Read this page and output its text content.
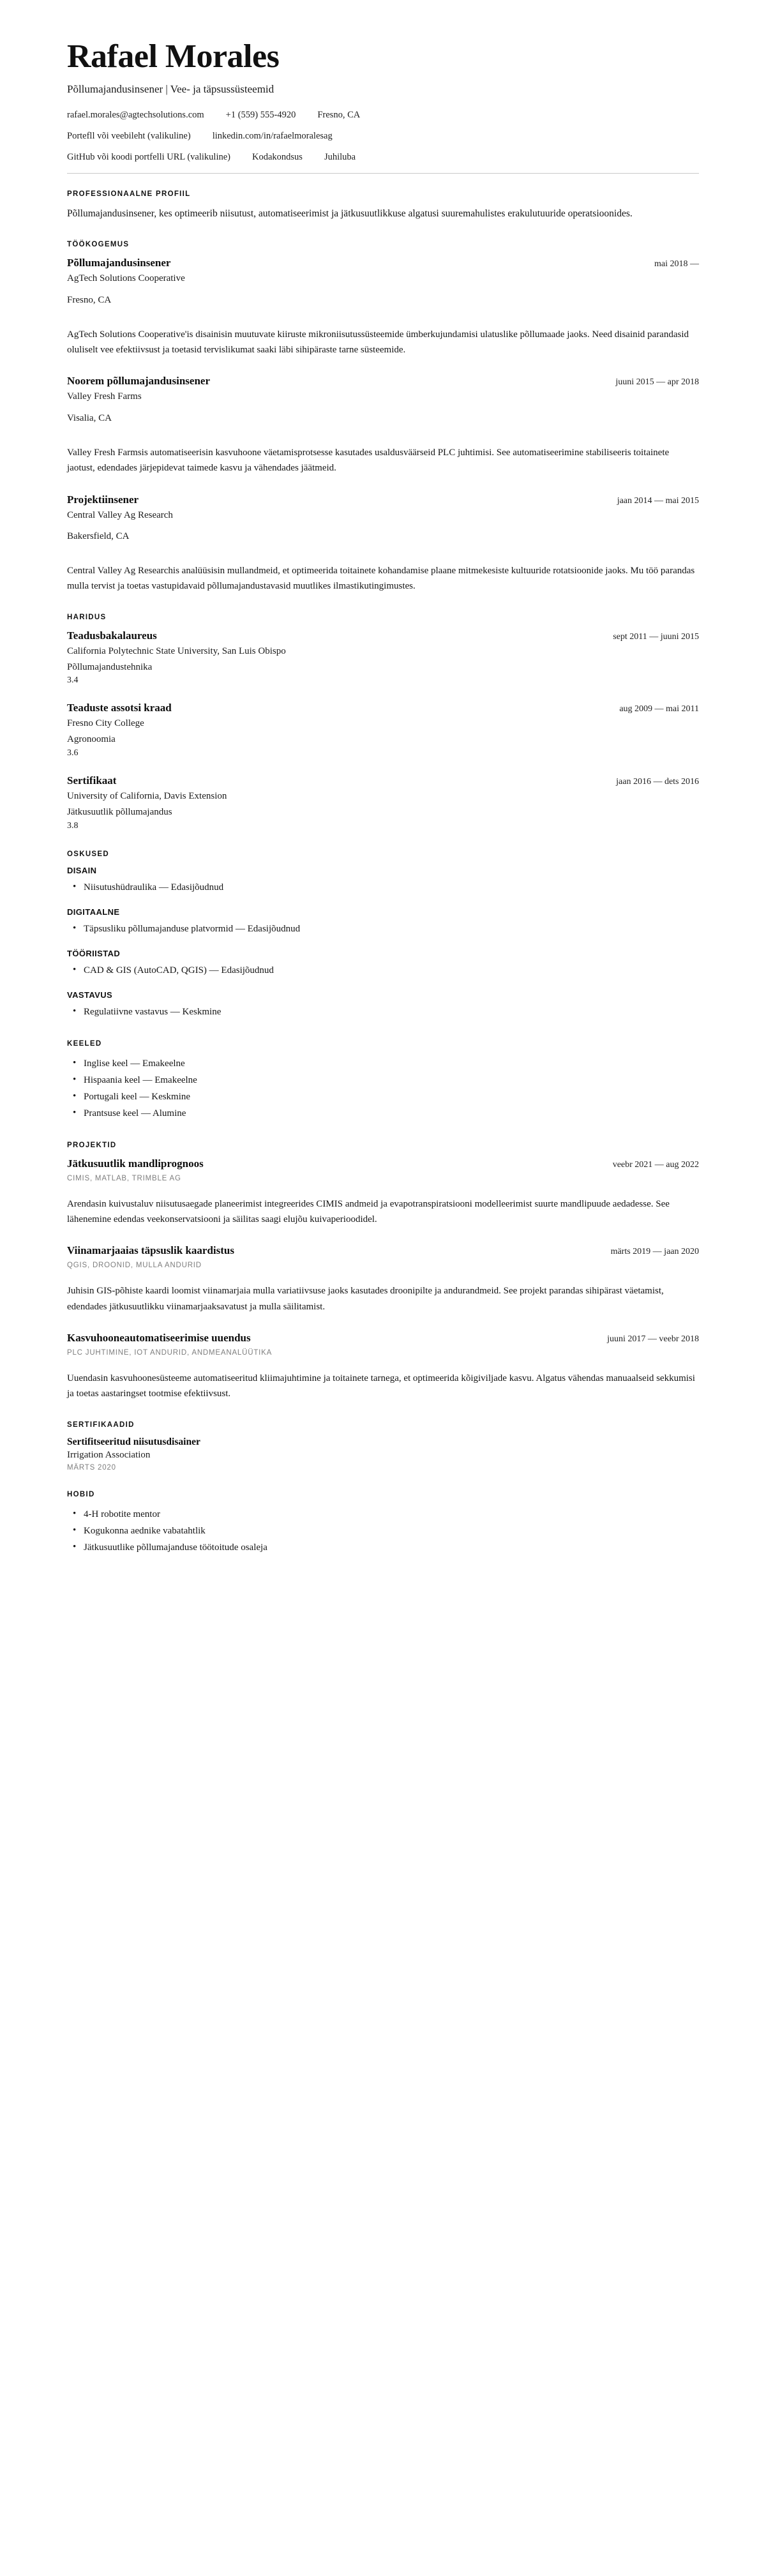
Rafael Morales
Põllumajandusinsener | Vee- ja täpsussüsteemid
rafael.morales@agtechsolutions.com +1 (559) 555-4920 Fresno, CA
Portefll või veebileht (valikuline) linkedin.com/in/rafaelmoralesag
GitHub või koodi portfelli URL (valikuline) Kodakondsus Juhiluba
PROFESSIONAALNE PROFIIL
Põllumajandusinsener, kes optimeerib niisutust, automatiseerimist ja jätkusuutlikkuse algatusi suuremahulistes erakulutuuride operatsioonides.
TÖÖKOGEMUS
Põllumajandusinsener	mai 2018 —
AgTech Solutions Cooperative
Fresno, CA
AgTech Solutions Cooperative'is disainisin muutuvate kiiruste mikroniisutussüsteemide ümberkujundamisi ulatuslike põllumaade jaoks. Need disainid parandasid oluliselt vee efektiivsust ja toetasid tervislikumat saaki läbi sihipäraste tarne süsteemide.
Noorem põllumajandusinsener	juuni 2015 — apr 2018
Valley Fresh Farms
Visalia, CA
Valley Fresh Farmsis automatiseerisin kasvuhoone väetamisprotsesse kasutades usaldusväärseid PLC juhtimisi. See automatiseerimine stabiliseeris toitainete jaotust, edendades järjepidevat taimede kasvu ja vähendades jäätmeid.
Projektiinsener	jaan 2014 — mai 2015
Central Valley Ag Research
Bakersfield, CA
Central Valley Ag Researchis analüüsisin mullandmeid, et optimeerida toitainete kohandamise plaane mitmekesiste kultuuride rotatsioonide jaoks. Mu töö parandas mulla tervist ja toetas vastupidavaid põllumajandustavasid muutlikes ilmastikutingimustes.
HARIDUS
Teadusbakalaureus	sept 2011 — juuni 2015
California Polytechnic State University, San Luis Obispo
Põllumajandustehnika
3.4
Teaduste assotsi kraad	aug 2009 — mai 2011
Fresno City College
Agronoomia
3.6
Sertifikaat	jaan 2016 — dets 2016
University of California, Davis Extension
Jätkusuutlik põllumajandus
3.8
OSKUSED
DISAIN
• Niisutushüdraulika — Edasijõudnud
DIGITAALNE
• Täpsusliku põllumajanduse platvormid — Edasijõudnud
TÖÖRIISTAD
• CAD & GIS (AutoCAD, QGIS) — Edasijõudnud
VASTAVUS
• Regulatiivne vastavus — Keskmine
KEELED
• Inglise keel — Emakeelne
• Hispaania keel — Emakeelne
• Portugali keel — Keskmine
• Prantsuse keel — Alumine
PROJEKTID
Jätkusuutlik mandliprognoos	veebr 2021 — aug 2022
CIMIS, MATLAB, TRIMBLE AG
Arendasin kuivustaluv niisutusaegade planeerimist integreerides CIMIS andmeid ja evapotranspiratsiooni modelleerimist suurte mandlipuude aedadesse. See lähenemine edendas veekonservatsiooni ja säilitas saagi elujõu kuivaperioodidel.
Viinamarjaaias täpsuslik kaardistus	märts 2019 — jaan 2020
QGIS, DROONID, MULLA ANDURID
Juhisin GIS-põhiste kaardi loomist viinamarjaia mulla variatiivsuse jaoks kasutades droonipilte ja andurandmeid. See projekt parandas sihipärast väetamist, edendades jätkusuutlikku viinamarjaaksavatust ja mulla säilitamist.
Kasvuhooneautomatiseerimise uuendus	juuni 2017 — veebr 2018
PLC JUHTIMINE, IOT ANDURID, ANDMEANALÜÜTIKA
Uuendasin kasvuhoonesüsteeme automatiseeritud kliimajuhtimine ja toitainete tarnega, et optimeerida kõigiviljade kasvu. Algatus vähendas manuaalseid sekkumisi ja toetas aastaringset tootmise efektiivsust.
SERTIFIKAADID
Sertifitseeritud niisutusdisainer
Irrigation Association
MÄRTS 2020
HOBID
• 4-H robotite mentor
• Kogukonna aednike vabatahtlik
• Jätkusuutlike põllumajanduse töötoitude osaleja
